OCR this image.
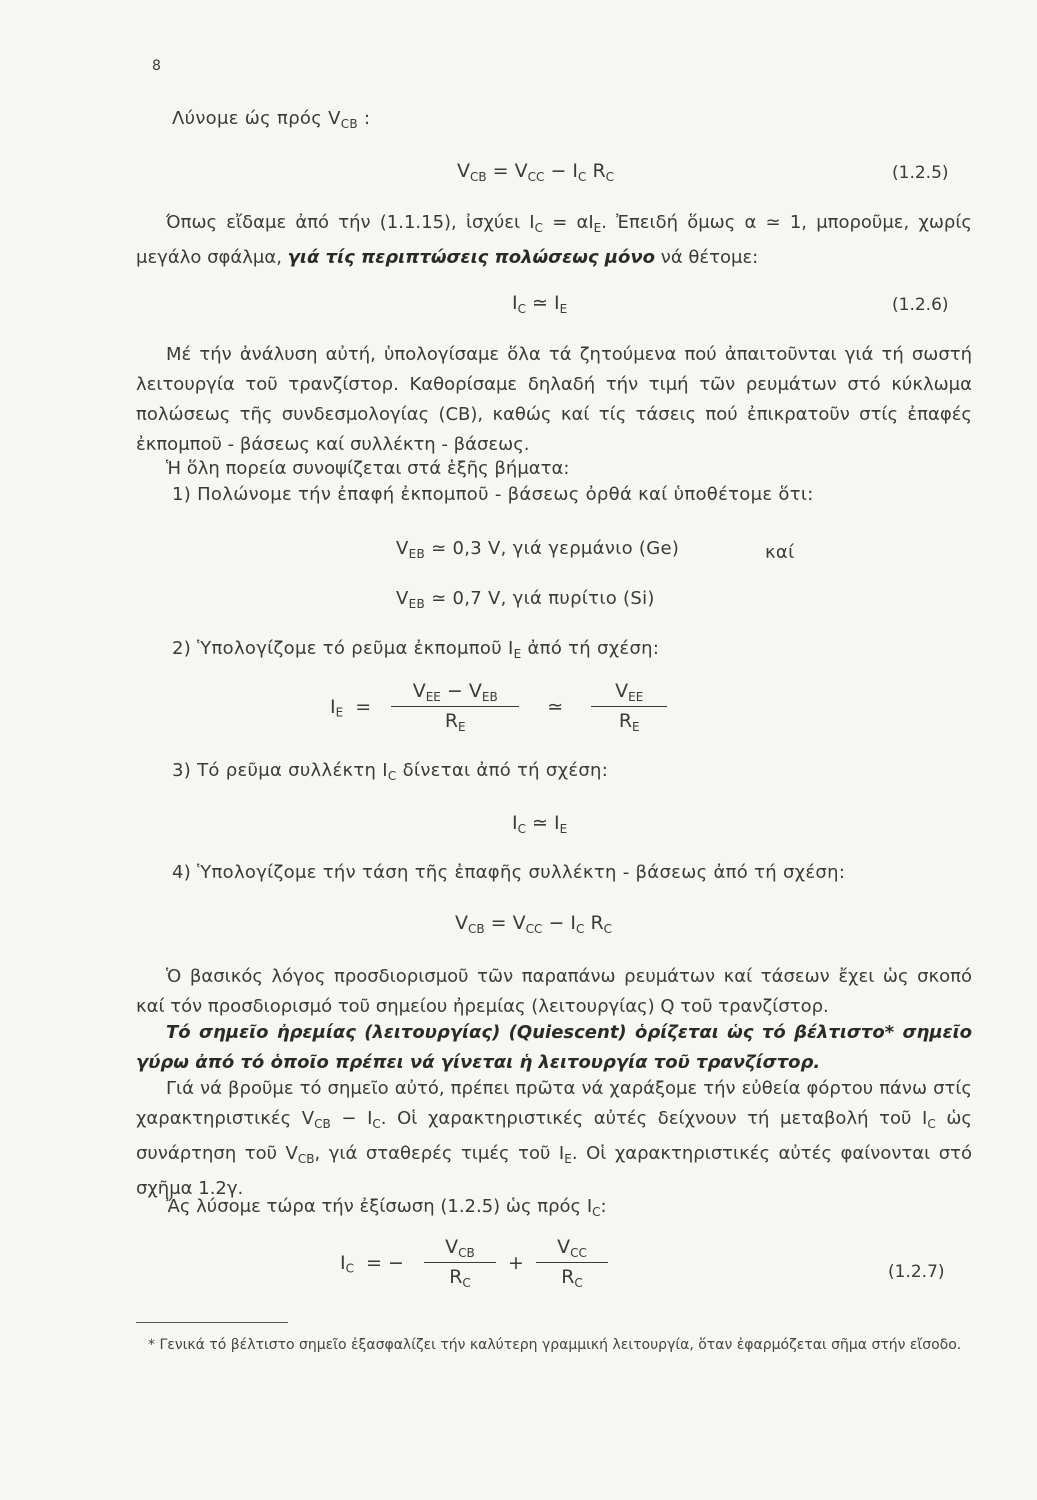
8
Λύνομε ώς πρός $V_{CB}$ :
$V_{CB} = V_{CC} - I_C$ $R_C$	(1.2.5)
Όπως εἴδαμε ἀπό τήν (1.1.15), ἰσχύει $I_C = \alpha I_E$. Ἐπειδή ὅμως α ≃ 1, μποροῦμε, χωρίς μεγάλο σφάλμα, γιά τίς περιπτώσεις πολώσεως μόνο νά θέτομε:
$I_C$ ≃ $I_E$	(1.2.6)
Μέ τήν ἀνάλυση αὐτή, ὑπολογίσαμε ὅλα τά ζητούμενα πού ἀπαιτοῦνται γιά τή σωστή λειτουργία τοῦ τρανζίστορ. Καθορίσαμε δηλαδή τήν τιμή τῶν ρευμάτων στό κύκλωμα πολώσεως τῆς συνδεσμολογίας (CB), καθώς καί τίς τάσεις πού ἐπικρατοῦν στίς ἐπαφές ἐκπομποῦ - βάσεως καί συλλέκτη - βάσεως.
Ἡ ὅλη πορεία συνοψίζεται στά ἑξῆς βήματα:
1) Πολώνομε τήν ἐπαφή ἐκπομποῦ - βάσεως ὀρθά καί ὑποθέτομε ὅτι:
$V_{EB}$ ≃ 0,3 V, γιά γερμάνιο (Ge)	καί
$V_{EB}$ ≃ 0,7 V, γιά πυρίτιο (Si)
2) Ὑπολογίζομε τό ρεῦμα ἐκπομποῦ $I_E$ ἀπό τή σχέση:
$I_E = \frac{V_{EE} - V_{EB}}{R_E}$ ≃ $\frac{V_{EE}}{R_E}$
3) Τό ρεῦμα συλλέκτη $I_C$ δίνεται ἀπό τή σχέση:
$I_C$ ≃ $I_E$
4) Ὑπολογίζομε τήν τάση τῆς ἐπαφῆς συλλέκτη - βάσεως ἀπό τή σχέση:
$V_{CB} = V_{CC} - I_C$ $R_C$
Ὁ βασικός λόγος προσδιορισμοῦ τῶν παραπάνω ρευμάτων καί τάσεων ἔχει ὡς σκοπό καί τόν προσδιορισμό τοῦ σημείου ἠρεμίας (λειτουργίας) Q τοῦ τρανζίστορ.
Τό σημεῖο ἠρεμίας (λειτουργίας) (Quiescent) ὁρίζεται ὡς τό βέλτιστο* σημεῖο γύρω ἀπό τό ὁποῖο πρέπει νά γίνεται ἡ λειτουργία τοῦ τρανζίστορ.
Γιά νά βροῦμε τό σημεῖο αὐτό, πρέπει πρῶτα νά χαράξομε τήν εὐθεία φόρτου πάνω στίς χαρακτηριστικές $V_{CB} - I_C$. Οἱ χαρακτηριστικές αὐτές δείχνουν τή μεταβολή τοῦ $I_C$ ὡς συνάρτηση τοῦ $V_{CB}$, γιά σταθερές τιμές τοῦ $I_E$. Οἱ χαρακτηριστικές αὐτές φαίνονται στό σχῆμα 1.2γ.
Ἄς λύσομε τώρα τήν ἐξίσωση (1.2.5) ὡς πρός $I_C$:
$I_C$ = − $\frac{V_{CB}}{R_C} + \frac{V_{CC}}{R_C}$	(1.2.7)
* Γενικά τό βέλτιστο σημεῖο ἐξασφαλίζει τήν καλύτερη γραμμική λειτουργία, ὅταν ἐφαρμόζεται σῆμα στήν εἴσοδο.
